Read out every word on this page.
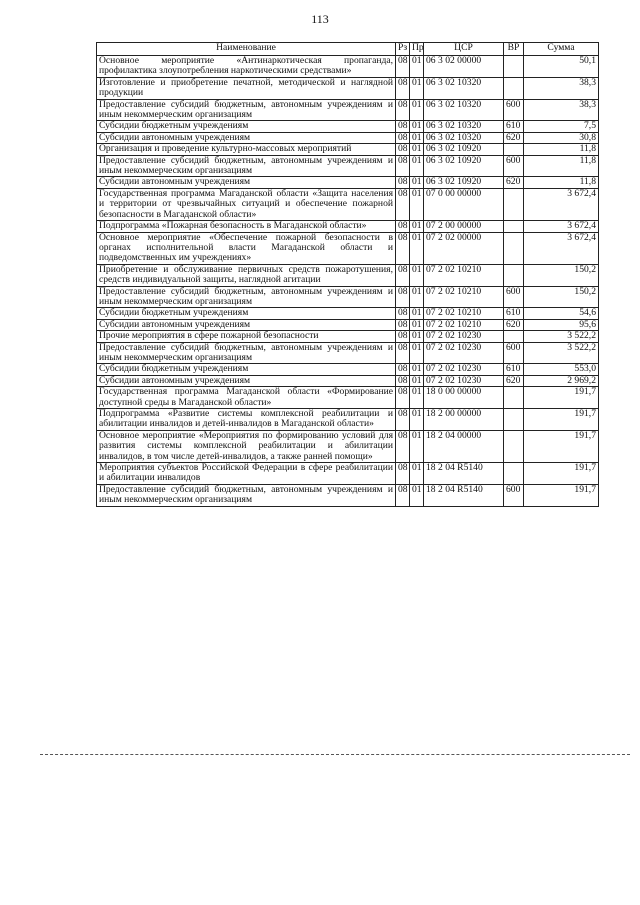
113
Наименование	Рз	Пр	ЦСР	ВР	Сумма
Основное мероприятие «Антинаркотическая пропаганда, профилактика злоупотребления наркотическими средствами»	08	01	06 3 02 00000		50,1
Изготовление и приобретение печатной, методической и наглядной продукции	08	01	06 3 02 10320		38,3
Предоставление субсидий бюджетным, автономным учреждениям и иным некоммерческим организациям	08	01	06 3 02 10320	600	38,3
Субсидии бюджетным учреждениям	08	01	06 3 02 10320	610	7,5
Субсидии автономным учреждениям	08	01	06 3 02 10320	620	30,8
Организация и проведение культурно-массовых мероприятий	08	01	06 3 02 10920		11,8
Предоставление субсидий бюджетным, автономным учреждениям и иным некоммерческим организациям	08	01	06 3 02 10920	600	11,8
Субсидии автономным учреждениям	08	01	06 3 02 10920	620	11,8
Государственная программа Магаданской области «Защита населения и территории от чрезвычайных ситуаций и обеспечение пожарной безопасности в Магаданской области»	08	01	07 0 00 00000		3 672,4
Подпрограмма «Пожарная безопасность в Магаданской области»	08	01	07 2 00 00000		3 672,4
Основное мероприятие «Обеспечение пожарной безопасности в органах исполнительной власти Магаданской области и подведомственных им учреждениях»	08	01	07 2 02 00000		3 672,4
Приобретение и обслуживание первичных средств пожаротушения, средств индивидуальной защиты, наглядной агитации	08	01	07 2 02 10210		150,2
Предоставление субсидий бюджетным, автономным учреждениям и иным некоммерческим организациям	08	01	07 2 02 10210	600	150,2
Субсидии бюджетным учреждениям	08	01	07 2 02 10210	610	54,6
Субсидии автономным учреждениям	08	01	07 2 02 10210	620	95,6
Прочие мероприятия в сфере пожарной безопасности	08	01	07 2 02 10230		3 522,2
Предоставление субсидий бюджетным, автономным учреждениям и иным некоммерческим организациям	08	01	07 2 02 10230	600	3 522,2
Субсидии бюджетным учреждениям	08	01	07 2 02 10230	610	553,0
Субсидии автономным учреждениям	08	01	07 2 02 10230	620	2 969,2
Государственная программа Магаданской области «Формирование доступной среды в Магаданской области»	08	01	18 0 00 00000		191,7
Подпрограмма «Развитие системы комплексной реабилитации и абилитации инвалидов и детей-инвалидов в Магаданской области»	08	01	18 2 00 00000		191,7
Основное мероприятие «Мероприятия по формированию условий для развития системы комплексной реабилитации и абилитации инвалидов, в том числе детей-инвалидов, а также ранней помощи»	08	01	18 2 04 00000		191,7
Мероприятия субъектов Российской Федерации в сфере реабилитации и абилитации инвалидов	08	01	18 2 04 R5140		191,7
Предоставление субсидий бюджетным, автономным учреждениям и иным некоммерческим организациям	08	01	18 2 04 R5140	600	191,7
